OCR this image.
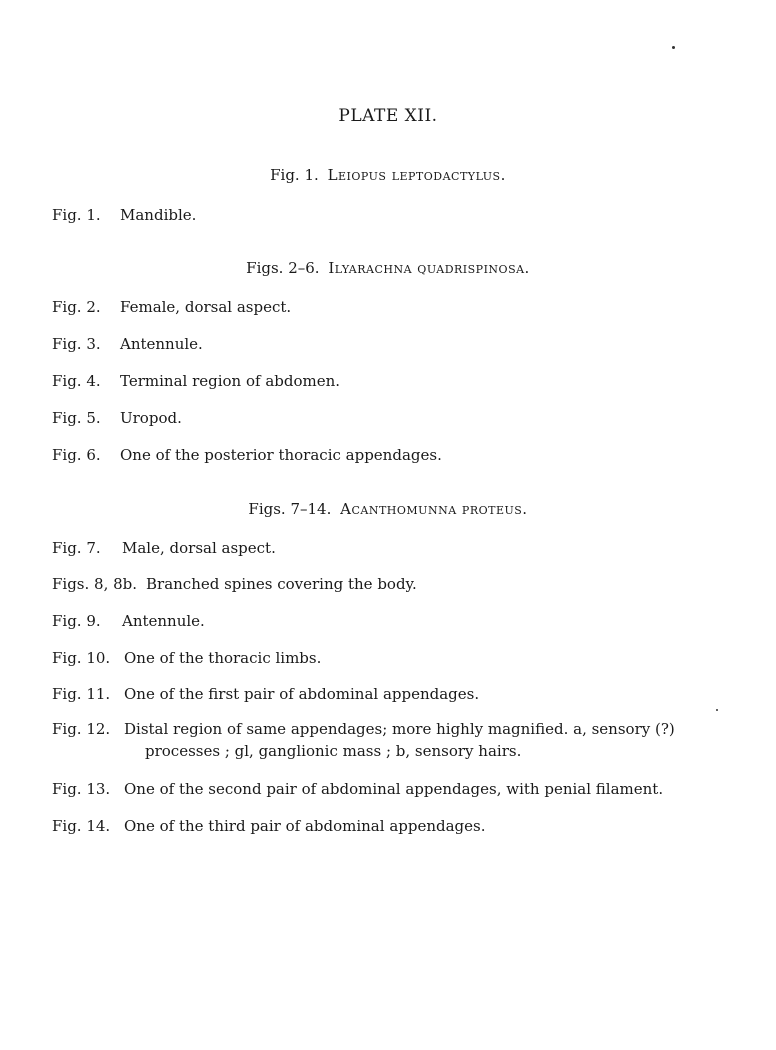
PLATE XII.
Fig. 1. Leiopus leptodactylus.
Fig. 1. Mandible.
Figs. 2–6. Ilyarachna quadrispinosa.
Fig. 2. Female, dorsal aspect.
Fig. 3. Antennule.
Fig. 4. Terminal region of abdomen.
Fig. 5. Uropod.
Fig. 6. One of the posterior thoracic appendages.
Figs. 7–14. Acanthomunna proteus.
Fig. 7. Male, dorsal aspect.
Figs. 8, 8b. Branched spines covering the body.
Fig. 9. Antennule.
Fig. 10. One of the thoracic limbs.
Fig. 11. One of the first pair of abdominal appendages.
Fig. 12. Distal region of same appendages; more highly magnified. a, sensory (?)
processes ; gl, ganglionic mass ; b, sensory hairs.
Fig. 13. One of the second pair of abdominal appendages, with penial filament.
Fig. 14. One of the third pair of abdominal appendages.
